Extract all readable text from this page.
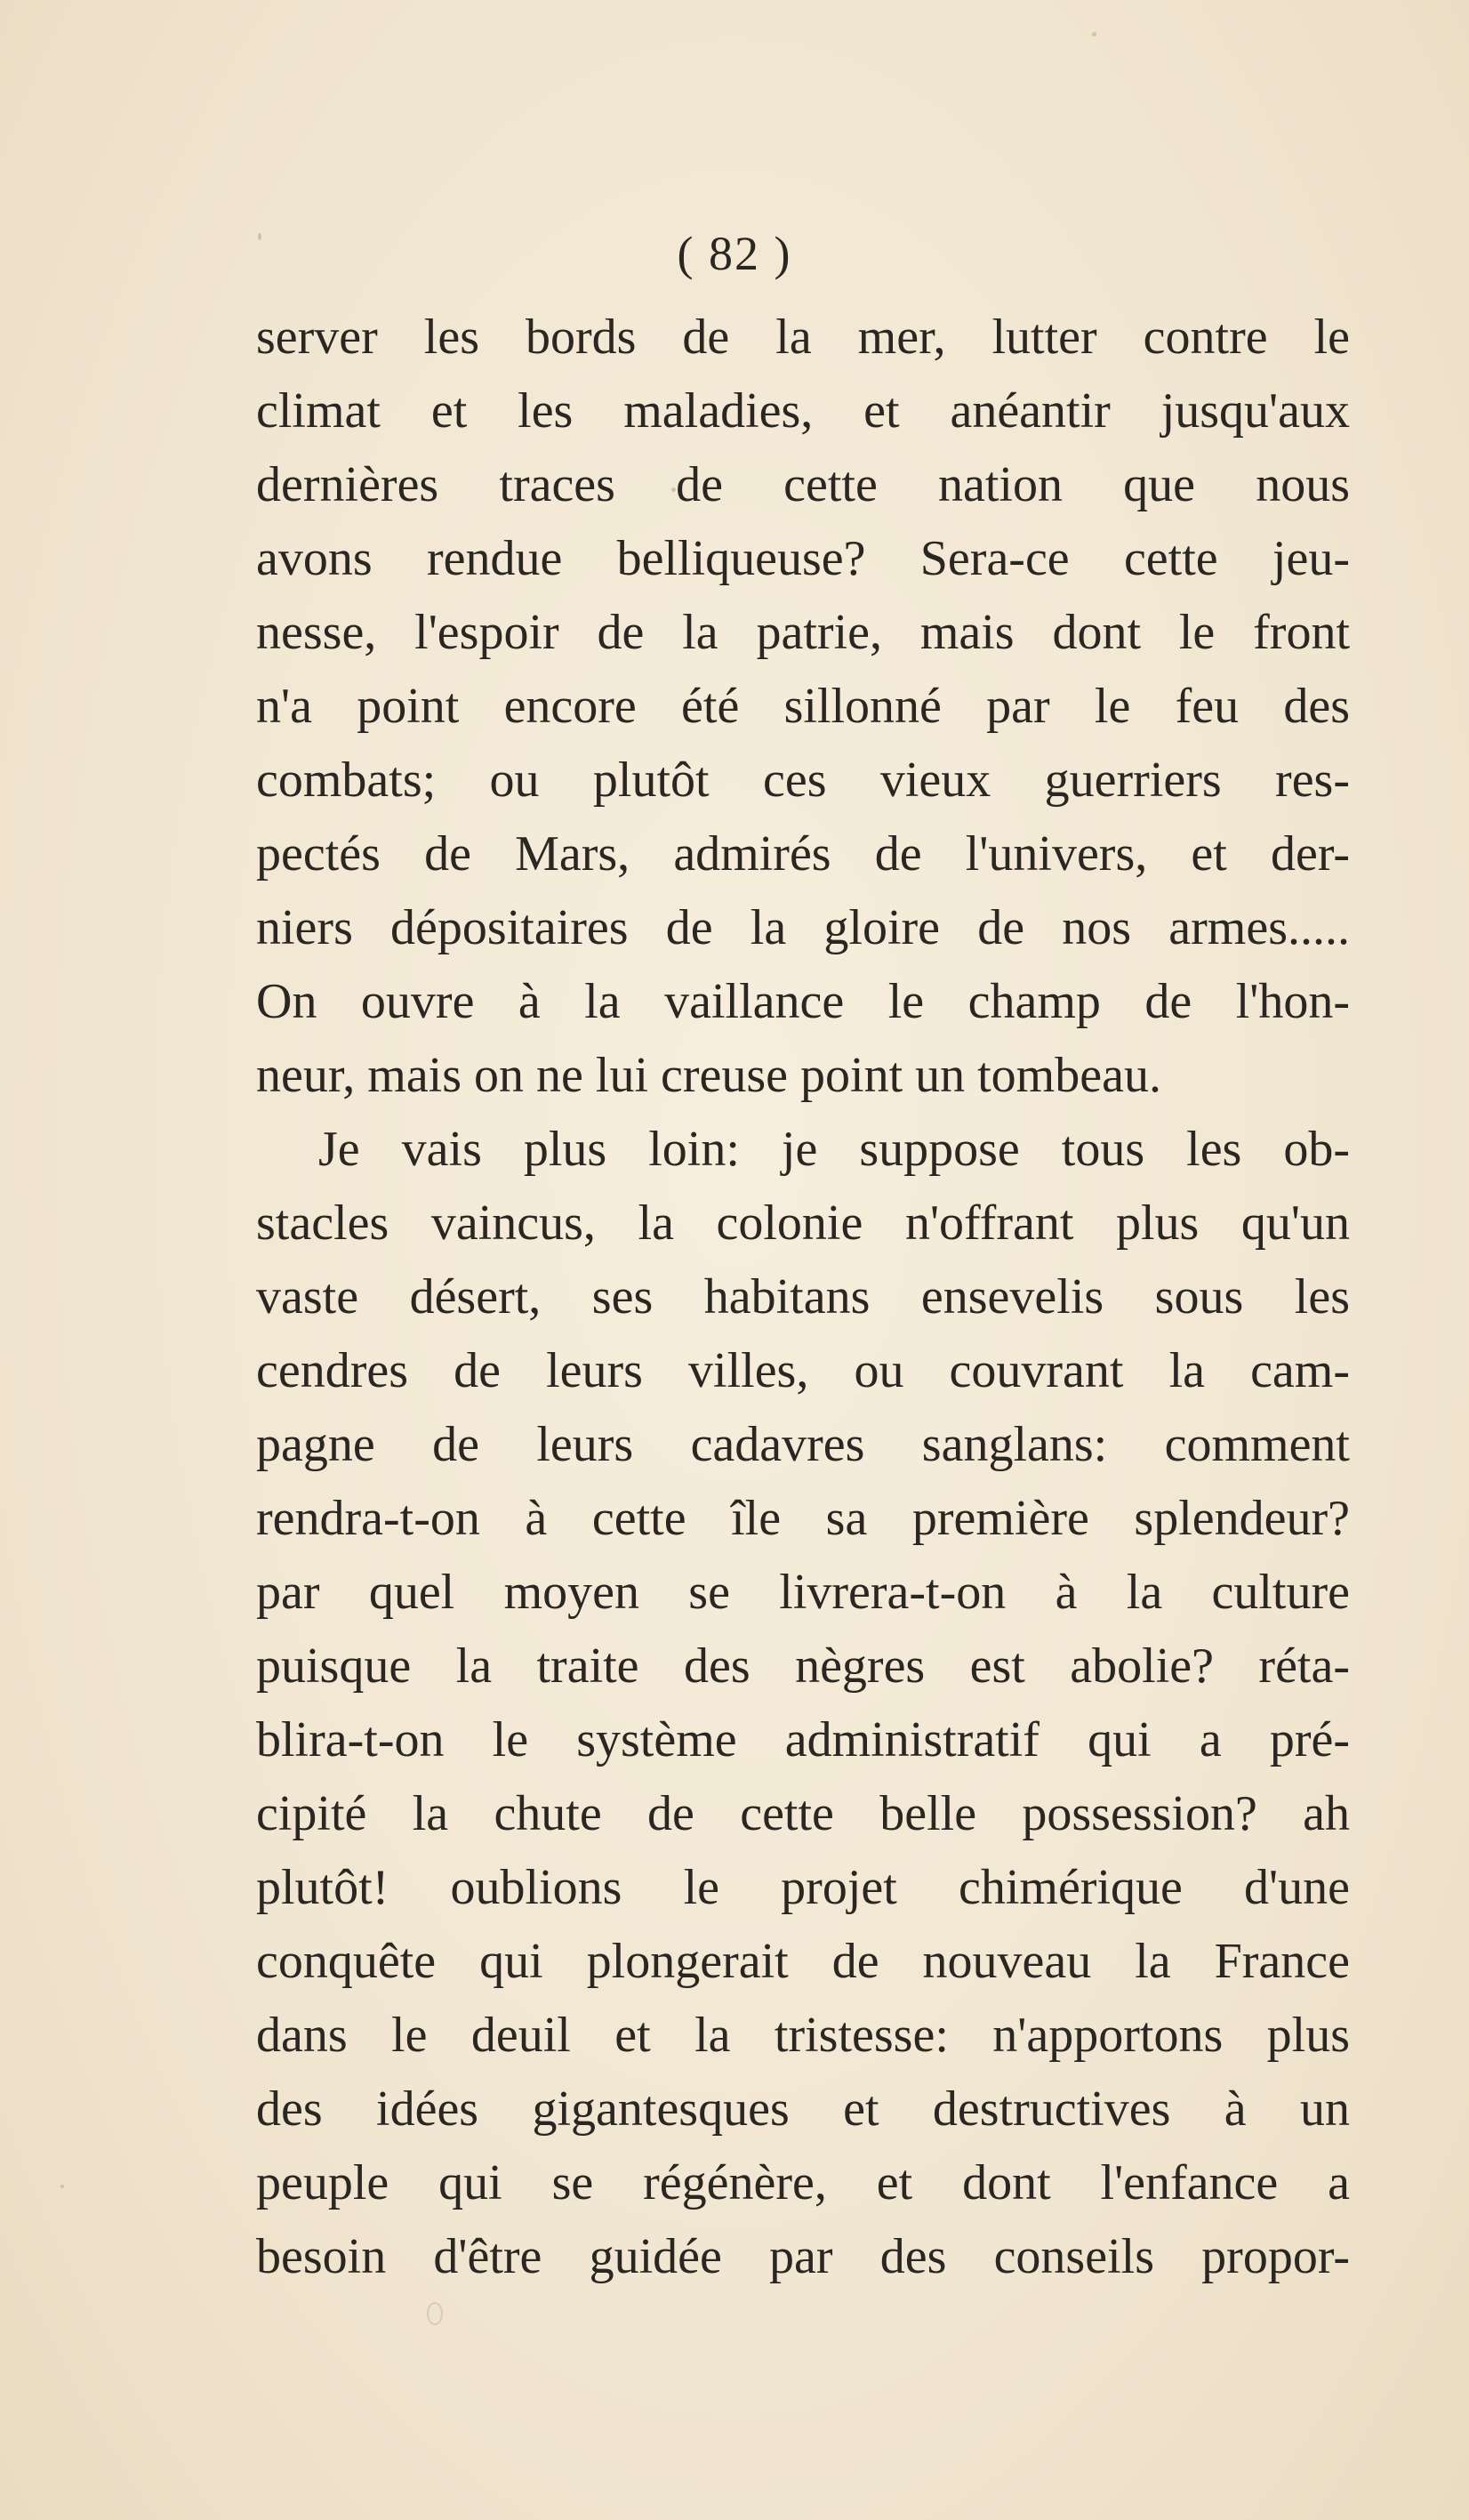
( 82 )
server les bords de la mer, lutter contre le
climat et les maladies, et anéantir jusqu'aux
dernières traces de cette nation que nous
avons rendue belliqueuse? Sera-ce cette jeu-
nesse, l'espoir de la patrie, mais dont le front
n'a point encore été sillonné par le feu des
combats; ou plutôt ces vieux guerriers res-
pectés de Mars, admirés de l'univers, et der-
niers dépositaires de la gloire de nos armes.....
On ouvre à la vaillance le champ de l'hon-
neur, mais on ne lui creuse point un tombeau.
Je vais plus loin: je suppose tous les ob-
stacles vaincus, la colonie n'offrant plus qu'un
vaste désert, ses habitans ensevelis sous les
cendres de leurs villes, ou couvrant la cam-
pagne de leurs cadavres sanglans: comment
rendra-t-on à cette île sa première splendeur?
par quel moyen se livrera-t-on à la culture
puisque la traite des nègres est abolie? réta-
blira-t-on le système administratif qui a pré-
cipité la chute de cette belle possession? ah
plutôt! oublions le projet chimérique d'une
conquête qui plongerait de nouveau la France
dans le deuil et la tristesse: n'apportons plus
des idées gigantesques et destructives à un
peuple qui se régénère, et dont l'enfance a
besoin d'être guidée par des conseils propor-
